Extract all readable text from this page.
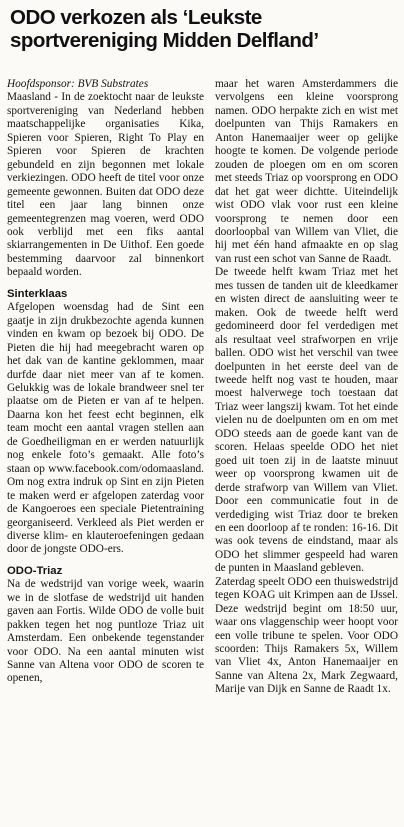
ODO verkozen als ‘Leukste
sportvereniging Midden Delfland’

Hoofdsponsor: BVB Substrates

Maasland - In de zoektocht naar de leukste sportvereniging van Nederland hebben maatschappelijke organisaties Kika, Spieren voor Spieren, Right To Play en Spieren voor Spieren de krachten gebundeld en zijn begonnen met lokale verkiezingen. ODO heeft de titel voor onze gemeente gewonnen. Buiten dat ODO deze titel een jaar lang binnen onze gemeentegrenzen mag voeren, werd ODO ook verblijd met een fiks aantal skiarrangementen in De Uithof. Een goede bestemming daarvoor zal binnenkort bepaald worden.

Sinterklaas

Afgelopen woensdag had de Sint een gaatje in zijn drukbezochte agenda kunnen vinden en kwam op bezoek bij ODO. De Pieten die hij had meegebracht waren op het dak van de kantine geklommen, maar durfde daar niet meer van af te komen. Gelukkig was de lokale brandweer snel ter plaatse om de Pieten er van af te helpen. Daarna kon het feest echt beginnen, elk team mocht een aantal vragen stellen aan de Goedheiligman en er werden natuurlijk nog enkele foto’s gemaakt. Alle foto’s staan op www.facebook.com/odomaasland. Om nog extra indruk op Sint en zijn Pieten te maken werd er afgelopen zaterdag voor de Kangoeroes een speciale Pietentraining georganiseerd. Verkleed als Piet werden er diverse klim- en klauteroefeningen gedaan door de jongste ODO-ers.

ODO-Triaz

Na de wedstrijd van vorige week, waarin we in de slotfase de wedstrijd uit handen gaven aan Fortis. Wilde ODO de volle buit pakken tegen het nog puntloze Triaz uit Amsterdam. Een onbekende tegenstander voor ODO. Na een aantal minuten wist Sanne van Altena voor ODO de scoren te openen,

maar het waren Amsterdammers die vervolgens een kleine voorsprong namen. ODO herpakte zich en wist met doelpunten van Thijs Ramakers en Anton Hanemaaijer weer op gelijke hoogte te komen. De volgende periode zouden de ploegen om en om scoren met steeds Triaz op voorsprong en ODO dat het gat weer dichtte. Uiteindelijk wist ODO vlak voor rust een kleine voorsprong te nemen door een doorloopbal van Willem van Vliet, die hij met één hand afmaakte en op slag van rust een schot van Sanne de Raadt.

De tweede helft kwam Triaz met het mes tussen de tanden uit de kleedkamer en wisten direct de aansluiting weer te maken. Ook de tweede helft werd gedomineerd door fel verdedigen met als resultaat veel strafworpen en vrije ballen. ODO wist het verschil van twee doelpunten in het eerste deel van de tweede helft nog vast te houden, maar moest halverwege toch toestaan dat Triaz weer langszij kwam. Tot het einde vielen nu de doelpunten om en om met ODO steeds aan de goede kant van de scoren. Helaas speelde ODO het niet goed uit toen zij in de laatste minuut weer op voorsprong kwamen uit de derde strafworp van Willem van Vliet. Door een communicatie fout in de verdediging wist Triaz door te breken en een doorloop af te ronden: 16-16. Dit was ook tevens de eindstand, maar als ODO het slimmer gespeeld had waren de punten in Maasland gebleven.

Zaterdag speelt ODO een thuiswedstrijd tegen KOAG uit Krimpen aan de IJssel. Deze wedstrijd begint om 18:50 uur, waar ons vlaggenschip weer hoopt voor een volle tribune te spelen. Voor ODO scoorden: Thijs Ramakers 5x, Willem van Vliet 4x, Anton Hanemaaijer en Sanne van Altena 2x, Mark Zegwaard, Marije van Dijk en Sanne de Raadt 1x.
